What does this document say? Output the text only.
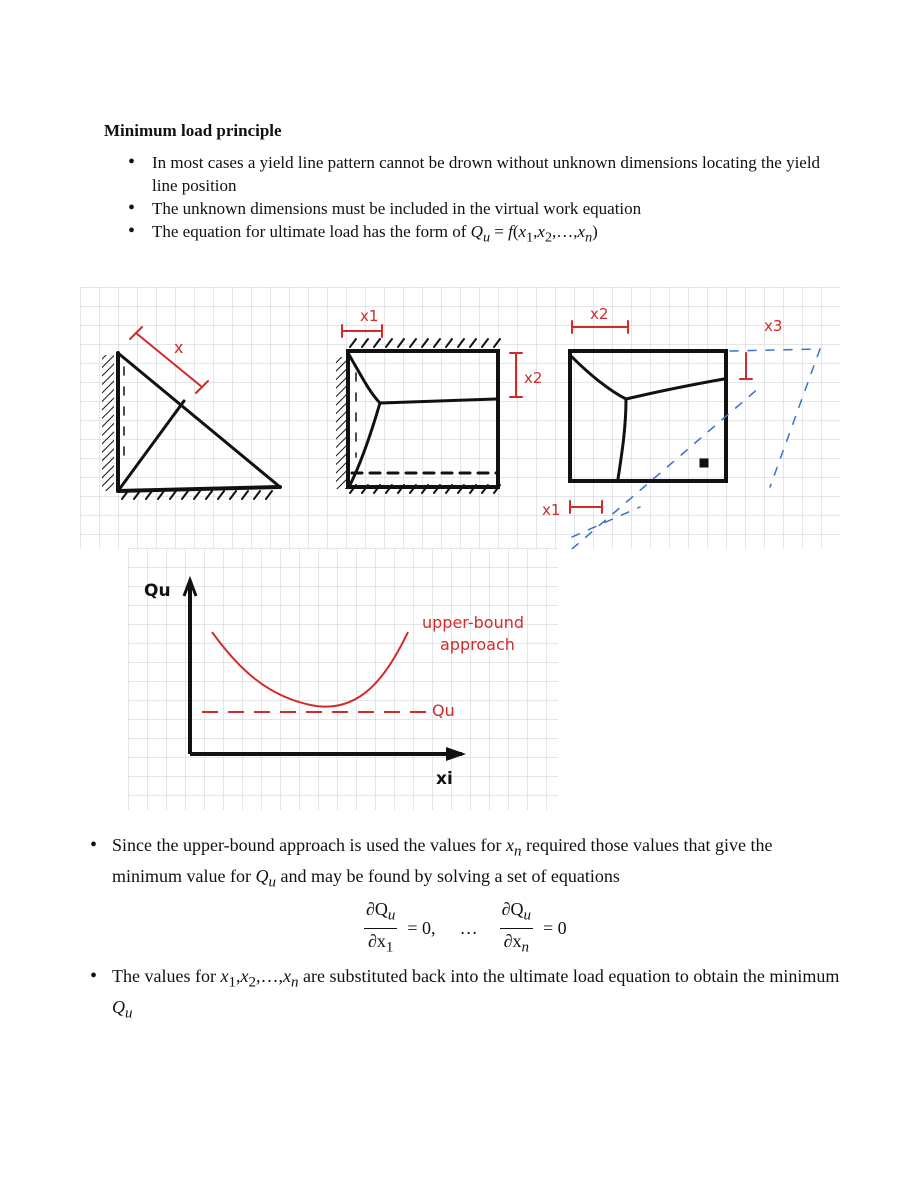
Minimum load principle
• In most cases a yield line pattern cannot be drown without unknown dimensions locating the yield line position
• The unknown dimensions must be included in the virtual work equation
• The equation for ultimate load has the form of $Q_u$ = $f(x_1,x_2,\dots,x_n)$
x
x1
x2
x2
x3
x1
Qu
xi
upper-bound
approach
Qu
• Since the upper-bound approach is used the values for $x_n$ required those values that give the minimum value for $Q_u$ and may be found by solving a set of equations
$\frac{\partial Q_u}{\partial x_1} = 0$, … $\frac{\partial Q_u}{\partial x_n} = 0$
• The values for $x_1,x_2,\dots,x_n$ are substituted back into the ultimate load equation to obtain the minimum $Q_u$
